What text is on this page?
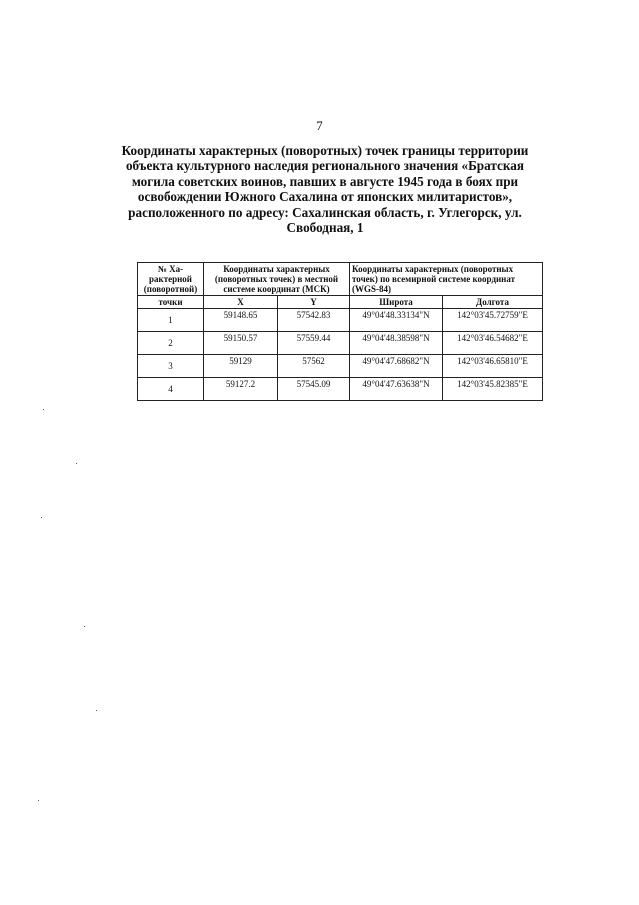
7
Координаты характерных (поворотных) точек границы территории
объекта культурного наследия регионального значения «Братская
могила советских воинов, павших в августе 1945 года в боях при
освобождении Южного Сахалина от японских милитаристов»,
расположенного по адресу: Сахалинская область, г. Углегорск, ул.
Свободная, 1
№ Ха-
рактерной
(поворотной)	Координаты характерных (поворотных точек) в местной системе координат (МСК)		Координаты характерных (поворотных точек) по всемирной системе координат (WGS-84)	
точки	X	Y	Широта	Долгота
1	59148.65	57542.83	49°04'48.33134"N	142°03'45.72759"E
2	59150.57	57559.44	49°04'48.38598"N	142°03'46.54682"E
3	59129	57562	49°04'47.68682"N	142°03'46.65810"E
4	59127.2	57545.09	49°04'47.63638"N	142°03'45.82385"E
